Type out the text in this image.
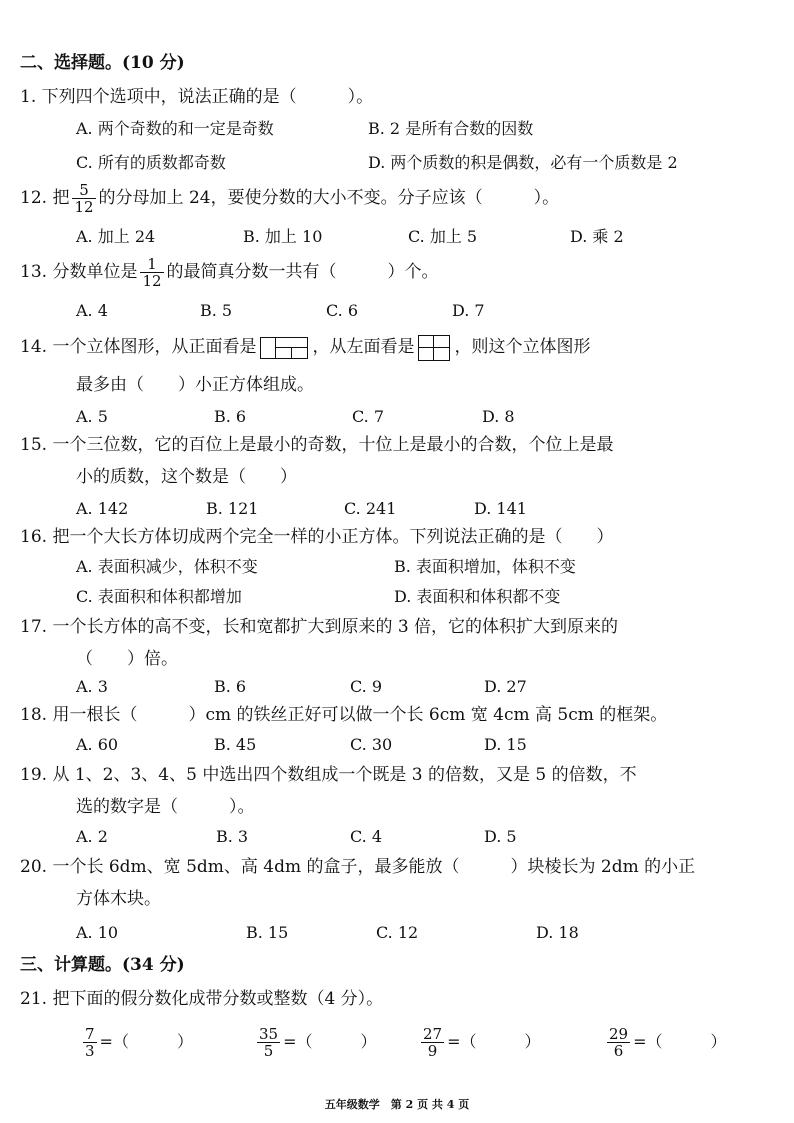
二、选择题。(10 分)
1. 下列四个选项中，说法正确的是（　　　）。
A. 两个奇数的和一定是奇数	B. 2 是所有合数的因数
C. 所有的质数都奇数	D. 两个质数的积是偶数，必有一个质数是 2
12. 把 $\frac{5}{12}$ 的分母加上 24，要使分数的大小不变。分子应该（　　　）。
A. 加上 24	B. 加上 10	C. 加上 5	D. 乘 2
13. 分数单位是 $\frac{1}{12}$ 的最简真分数一共有（　　　）个。
A. 4	B. 5	C. 6	D. 7
14. 一个立体图形，从正面看是	，从左面看是 ，则这个立体图形
最多由（　　）小正方体组成。
A. 5	B. 6	C. 7	D. 8
15. 一个三位数，它的百位上是最小的奇数，十位上是最小的合数，个位上是最
小的质数，这个数是（　　）
A. 142	B. 121	C. 241	D. 141
16. 把一个大长方体切成两个完全一样的小正方体。下列说法正确的是（　　）
A. 表面积减少，体积不变	B. 表面积增加，体积不变
C. 表面积和体积都增加	D. 表面积和体积都不变
17. 一个长方体的高不变，长和宽都扩大到原来的 3 倍，它的体积扩大到原来的
（　　）倍。
A. 3	B. 6	C. 9	D. 27
18. 用一根长（　　　）cm 的铁丝正好可以做一个长 6cm 宽 4cm 高 5cm 的框架。
A. 60	B. 45	C. 30	D. 15
19. 从 1、2、3、4、5 中选出四个数组成一个既是 3 的倍数，又是 5 的倍数，不
选的数字是（　　　）。
A. 2	B. 3	C. 4	D. 5
20. 一个长 6dm、宽 5dm、高 4dm 的盒子，最多能放（　　　）块棱长为 2dm 的小正
方体木块。
A. 10	B. 15	C. 12	D. 18
三、计算题。(34 分)
21. 把下面的假分数化成带分数或整数（4 分）。
$\frac{7}{3}$ =（　　　）	$\frac{35}{5}$ =（　　　）	$\frac{27}{9}$ =（　　　）	$\frac{29}{6}$ =（　　　）
五年级数学　第 2 页 共 4 页
